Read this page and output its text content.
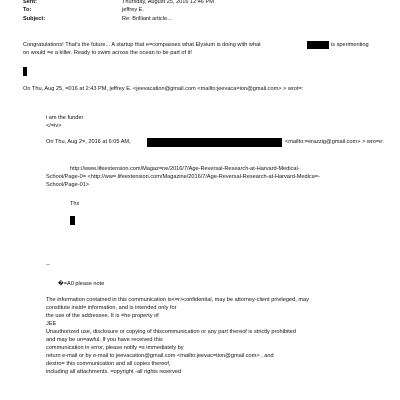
Sent:	Thursday, August 25, 2016 12:46 PM
To:	jeffrey E.
Subject:	Re: Brilliant article...
Congratulations! That's the future... A startup that e=compasses what Elysium is doing with what	is sperimenting
on would =e a killer. Ready to swim across the ocean to be part of it!
On Thu, Aug 25, =016 at 2:43 PM, jeffrey E. <jeevacation@gmail.com <mailto:jeevaca=ion@gmail.com> > wrot=:
i am the funder
</=iv>
On Thu, Aug 2=, 2016 at 6:05 AM,	<mailto:=erazzig@gmail.com> > wro=e:
http://www.lifeextension.com/Magaz=ne/2016/7/Age-Reversal-Research-at-Harvard-Medical-
School/Page-0= <http://ww=.lifeextension.com/Magazine/2016/7/Age-Reversal-Research-at-Harvard-Medica=-
School/Page-01>
Thx
--
�=A0 please note
The information contained in this communication is<=r>confidential, may be attorney-client privileged, may
constitute insid= information, and is intended only for
the use of the addressee. It is =he property of
JEE
Unauthorized use, disclosure or copying of thiscommunication or any part thereof is strictly prohibited
and may be un=awful. If you have received this
communication in error, please notify =s immediately by
return e-mail or by e-mail to jeevacation@gmail.com <mailto:jeevac=tion@gmail.com> , and
destro= this communication and all copies thereof,
including all attachments. =opyright -all rights reserved
